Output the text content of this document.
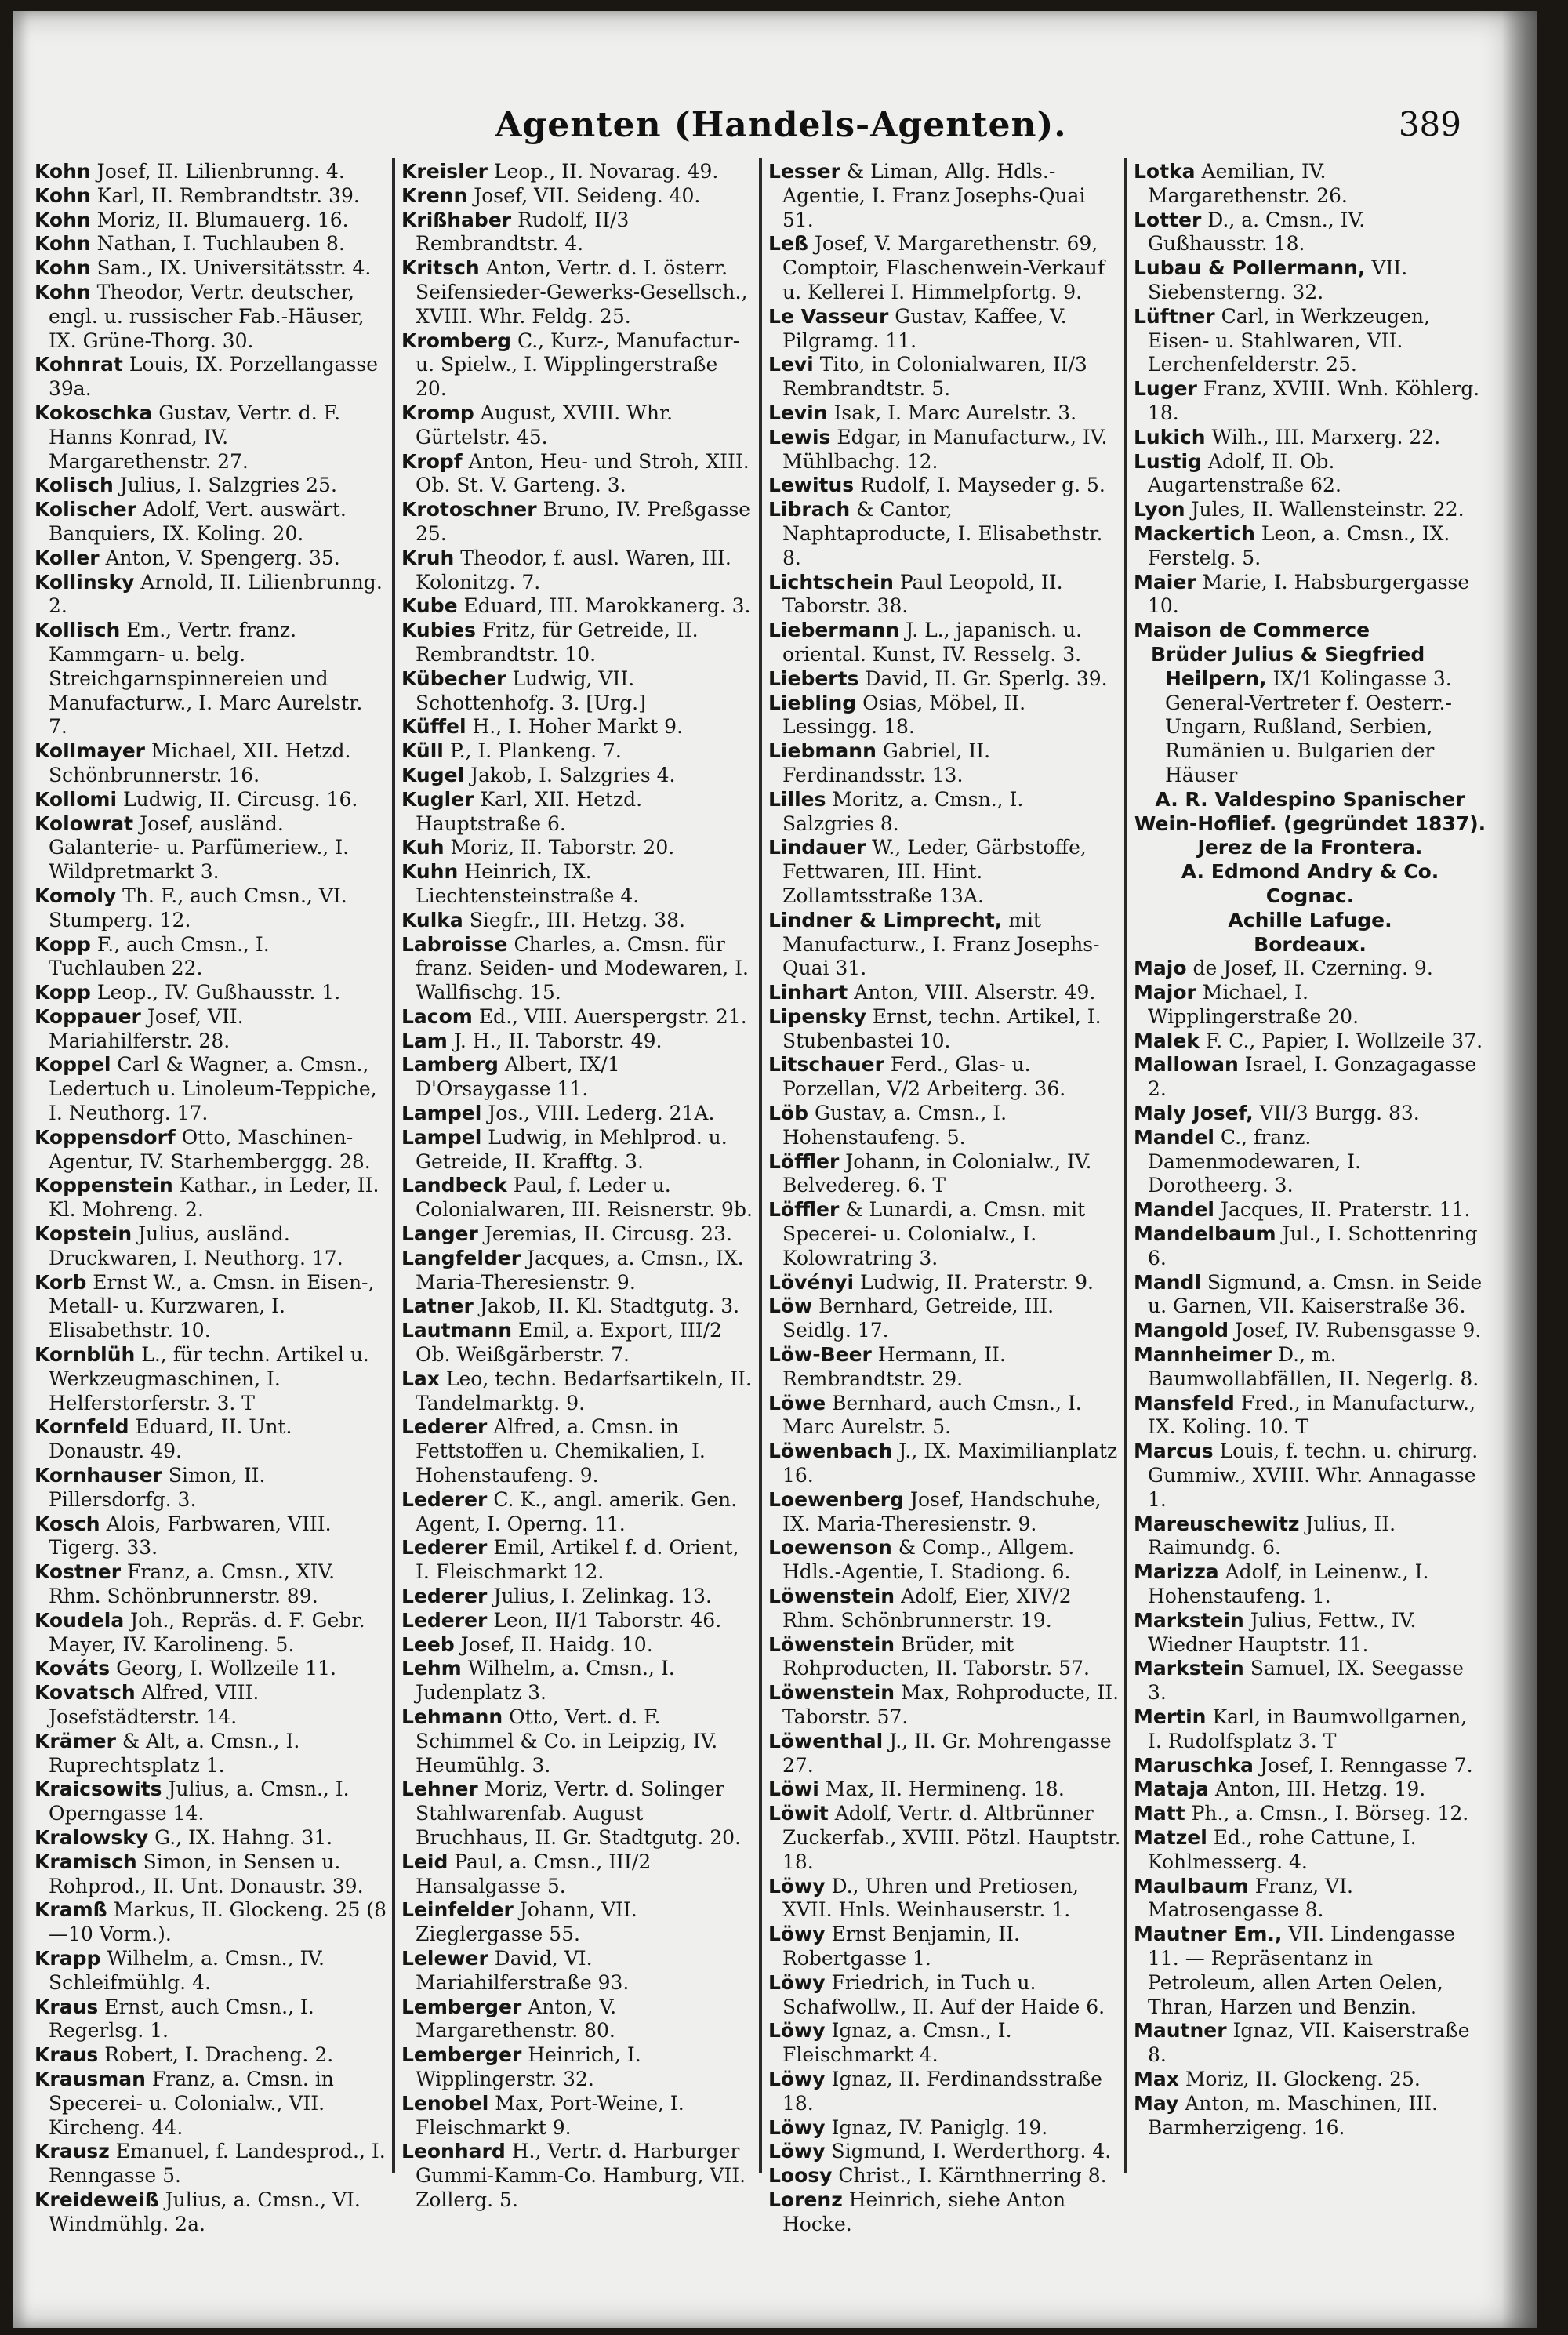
Agenten (Handels-Agenten).	389

Kohn Josef, II. Lilienbrunng. 4.

Kohn Karl, II. Rembrandtstr. 39.

Kohn Moriz, II. Blumauerg. 16.

Kohn Nathan, I. Tuchlauben 8.

Kohn Sam., IX. Universitätsstr. 4.

Kohn Theodor, Vertr. deutscher, engl. u. russischer Fab.-Häuser, IX. Grüne-Thorg. 30.

Kohnrat Louis, IX. Porzellangasse 39a.

Kokoschka Gustav, Vertr. d. F. Hanns Konrad, IV. Margarethenstr. 27.

Kolisch Julius, I. Salzgries 25.

Kolischer Adolf, Vert. auswärt. Banquiers, IX. Koling. 20.

Koller Anton, V. Spengerg. 35.

Kollinsky Arnold, II. Lilienbrunng. 2.

Kollisch Em., Vertr. franz. Kammgarn- u. belg. Streichgarnspinnereien und Manufacturw., I. Marc Aurelstr. 7.

Kollmayer Michael, XII. Hetzd. Schönbrunnerstr. 16.

Kollomi Ludwig, II. Circusg. 16.

Kolowrat Josef, ausländ. Galanterie- u. Parfümeriew., I. Wildpretmarkt 3.

Komoly Th. F., auch Cmsn., VI. Stumperg. 12.

Kopp F., auch Cmsn., I. Tuchlauben 22.

Kopp Leop., IV. Gußhausstr. 1.

Koppauer Josef, VII. Mariahilferstr. 28.

Koppel Carl & Wagner, a. Cmsn., Ledertuch u. Linoleum-Teppiche, I. Neuthorg. 17.

Koppensdorf Otto, Maschinen-Agentur, IV. Starhemberggg. 28.

Koppenstein Kathar., in Leder, II. Kl. Mohreng. 2.

Kopstein Julius, ausländ. Druckwaren, I. Neuthorg. 17.

Korb Ernst W., a. Cmsn. in Eisen-, Metall- u. Kurzwaren, I. Elisabethstr. 10.

Kornblüh L., für techn. Artikel u. Werkzeugmaschinen, I. Helferstorferstr. 3. T

Kornfeld Eduard, II. Unt. Donaustr. 49.

Kornhauser Simon, II. Pillersdorfg. 3.

Kosch Alois, Farbwaren, VIII. Tigerg. 33.

Kostner Franz, a. Cmsn., XIV. Rhm. Schönbrunnerstr. 89.

Koudela Joh., Repräs. d. F. Gebr. Mayer, IV. Karolineng. 5.

Kováts Georg, I. Wollzeile 11.

Kovatsch Alfred, VIII. Josefstädterstr. 14.

Krämer & Alt, a. Cmsn., I. Ruprechtsplatz 1.

Kraicsowits Julius, a. Cmsn., I. Operngasse 14.

Kralowsky G., IX. Hahng. 31.

Kramisch Simon, in Sensen u. Rohprod., II. Unt. Donaustr. 39.

Kramß Markus, II. Glockeng. 25 (8—10 Vorm.).

Krapp Wilhelm, a. Cmsn., IV. Schleifmühlg. 4.

Kraus Ernst, auch Cmsn., I. Regerlsg. 1.

Kraus Robert, I. Dracheng. 2.

Krausman Franz, a. Cmsn. in Specerei- u. Colonialw., VII. Kircheng. 44.

Krausz Emanuel, f. Landesprod., I. Renngasse 5.

Kreideweiß Julius, a. Cmsn., VI. Windmühlg. 2a.

Kreisler Leop., II. Novarag. 49.

Krenn Josef, VII. Seideng. 40.

Krißhaber Rudolf, II/3 Rembrandtstr. 4.

Kritsch Anton, Vertr. d. I. österr. Seifensieder-Gewerks-Gesellsch., XVIII. Whr. Feldg. 25.

Kromberg C., Kurz-, Manufactur- u. Spielw., I. Wipplingerstraße 20.

Kromp August, XVIII. Whr. Gürtelstr. 45.

Kropf Anton, Heu- und Stroh, XIII. Ob. St. V. Garteng. 3.

Krotoschner Bruno, IV. Preßgasse 25.

Kruh Theodor, f. ausl. Waren, III. Kolonitzg. 7.

Kube Eduard, III. Marokkanerg. 3.

Kubies Fritz, für Getreide, II. Rembrandtstr. 10.

Kübecher Ludwig, VII. Schottenhofg. 3. [Urg.]

Küffel H., I. Hoher Markt 9.

Küll P., I. Plankeng. 7.

Kugel Jakob, I. Salzgries 4.

Kugler Karl, XII. Hetzd. Hauptstraße 6.

Kuh Moriz, II. Taborstr. 20.

Kuhn Heinrich, IX. Liechtensteinstraße 4.

Kulka Siegfr., III. Hetzg. 38.

Labroisse Charles, a. Cmsn. für franz. Seiden- und Modewaren, I. Wallfischg. 15.

Lacom Ed., VIII. Auerspergstr. 21.

Lam J. H., II. Taborstr. 49.

Lamberg Albert, IX/1 D'Orsaygasse 11.

Lampel Jos., VIII. Lederg. 21A.

Lampel Ludwig, in Mehlprod. u. Getreide, II. Krafftg. 3.

Landbeck Paul, f. Leder u. Colonialwaren, III. Reisnerstr. 9b.

Langer Jeremias, II. Circusg. 23.

Langfelder Jacques, a. Cmsn., IX. Maria-Theresienstr. 9.

Latner Jakob, II. Kl. Stadtgutg. 3.

Lautmann Emil, a. Export, III/2 Ob. Weißgärberstr. 7.

Lax Leo, techn. Bedarfsartikeln, II. Tandelmarktg. 9.

Lederer Alfred, a. Cmsn. in Fettstoffen u. Chemikalien, I. Hohenstaufeng. 9.

Lederer C. K., angl. amerik. Gen. Agent, I. Operng. 11.

Lederer Emil, Artikel f. d. Orient, I. Fleischmarkt 12.

Lederer Julius, I. Zelinkag. 13.

Lederer Leon, II/1 Taborstr. 46.

Leeb Josef, II. Haidg. 10.

Lehm Wilhelm, a. Cmsn., I. Judenplatz 3.

Lehmann Otto, Vert. d. F. Schimmel & Co. in Leipzig, IV. Heumühlg. 3.

Lehner Moriz, Vertr. d. Solinger Stahlwarenfab. August Bruchhaus, II. Gr. Stadtgutg. 20.

Leid Paul, a. Cmsn., III/2 Hansalgasse 5.

Leinfelder Johann, VII. Zieglergasse 55.

Lelewer David, VI. Mariahilferstraße 93.

Lemberger Anton, V. Margarethenstr. 80.

Lemberger Heinrich, I. Wipplingerstr. 32.

Lenobel Max, Port-Weine, I. Fleischmarkt 9.

Leonhard H., Vertr. d. Harburger Gummi-Kamm-Co. Hamburg, VII. Zollerg. 5.

Lesser & Liman, Allg. Hdls.-Agentie, I. Franz Josephs-Quai 51.

Leß Josef, V. Margarethenstr. 69, Comptoir, Flaschenwein-Verkauf u. Kellerei I. Himmelpfortg. 9.

Le Vasseur Gustav, Kaffee, V. Pilgramg. 11.

Levi Tito, in Colonialwaren, II/3 Rembrandtstr. 5.

Levin Isak, I. Marc Aurelstr. 3.

Lewis Edgar, in Manufacturw., IV. Mühlbachg. 12.

Lewitus Rudolf, I. Mayseder g. 5.

Librach & Cantor, Naphtaproducte, I. Elisabethstr. 8.

Lichtschein Paul Leopold, II. Taborstr. 38.

Liebermann J. L., japanisch. u. oriental. Kunst, IV. Resselg. 3.

Lieberts David, II. Gr. Sperlg. 39.

Liebling Osias, Möbel, II. Lessingg. 18.

Liebmann Gabriel, II. Ferdinandsstr. 13.

Lilles Moritz, a. Cmsn., I. Salzgries 8.

Lindauer W., Leder, Gärbstoffe, Fettwaren, III. Hint. Zollamtsstraße 13A.

Lindner & Limprecht, mit Manufacturw., I. Franz Josephs-Quai 31.

Linhart Anton, VIII. Alserstr. 49.

Lipensky Ernst, techn. Artikel, I. Stubenbastei 10.

Litschauer Ferd., Glas- u. Porzellan, V/2 Arbeiterg. 36.

Löb Gustav, a. Cmsn., I. Hohenstaufeng. 5.

Löffler Johann, in Colonialw., IV. Belvedereg. 6. T

Löffler & Lunardi, a. Cmsn. mit Specerei- u. Colonialw., I. Kolowratring 3.

Lövényi Ludwig, II. Praterstr. 9.

Löw Bernhard, Getreide, III. Seidlg. 17.

Löw-Beer Hermann, II. Rembrandtstr. 29.

Löwe Bernhard, auch Cmsn., I. Marc Aurelstr. 5.

Löwenbach J., IX. Maximilianplatz 16.

Loewenberg Josef, Handschuhe, IX. Maria-Theresienstr. 9.

Loewenson & Comp., Allgem. Hdls.-Agentie, I. Stadiong. 6.

Löwenstein Adolf, Eier, XIV/2 Rhm. Schönbrunnerstr. 19.

Löwenstein Brüder, mit Rohproducten, II. Taborstr. 57.

Löwenstein Max, Rohproducte, II. Taborstr. 57.

Löwenthal J., II. Gr. Mohrengasse 27.

Löwi Max, II. Hermineng. 18.

Löwit Adolf, Vertr. d. Altbrünner Zuckerfab., XVIII. Pötzl. Hauptstr. 18.

Löwy D., Uhren und Pretiosen, XVII. Hnls. Weinhauserstr. 1.

Löwy Ernst Benjamin, II. Robertgasse 1.

Löwy Friedrich, in Tuch u. Schafwollw., II. Auf der Haide 6.

Löwy Ignaz, a. Cmsn., I. Fleischmarkt 4.

Löwy Ignaz, II. Ferdinandsstraße 18.

Löwy Ignaz, IV. Paniglg. 19.

Löwy Sigmund, I. Werderthorg. 4.

Loosy Christ., I. Kärnthnerring 8.

Lorenz Heinrich, siehe Anton Hocke.

Lotka Aemilian, IV. Margarethenstr. 26.

Lotter D., a. Cmsn., IV. Gußhausstr. 18.

Lubau & Pollermann, VII. Siebensterng. 32.

Lüftner Carl, in Werkzeugen, Eisen- u. Stahlwaren, VII. Lerchenfelderstr. 25.

Luger Franz, XVIII. Wnh. Köhlerg. 18.

Lukich Wilh., III. Marxerg. 22.

Lustig Adolf, II. Ob. Augartenstraße 62.

Lyon Jules, II. Wallensteinstr. 22.

Mackertich Leon, a. Cmsn., IX. Ferstelg. 5.

Maier Marie, I. Habsburgergasse 10.

Maison de Commerce

Brüder Julius & Siegfried Heilpern, IX/1 Kolingasse 3. General-Vertreter f. Oesterr.-Ungarn, Rußland, Serbien, Rumänien u. Bulgarien der Häuser

A. R. Valdespino Spanischer Wein-Hoflief. (gegründet 1837).

Jerez de la Frontera.

A. Edmond Andry & Co.

Cognac.

Achille Lafuge.

Bordeaux.

Majo de Josef, II. Czerning. 9.

Major Michael, I. Wipplingerstraße 20.

Malek F. C., Papier, I. Wollzeile 37.

Mallowan Israel, I. Gonzagagasse 2.

Maly Josef, VII/3 Burgg. 83.

Mandel C., franz. Damenmodewaren, I. Dorotheerg. 3.

Mandel Jacques, II. Praterstr. 11.

Mandelbaum Jul., I. Schottenring 6.

Mandl Sigmund, a. Cmsn. in Seide u. Garnen, VII. Kaiserstraße 36.

Mangold Josef, IV. Rubensgasse 9.

Mannheimer D., m. Baumwollabfällen, II. Negerlg. 8.

Mansfeld Fred., in Manufacturw., IX. Koling. 10. T

Marcus Louis, f. techn. u. chirurg. Gummiw., XVIII. Whr. Annagasse 1.

Mareuschewitz Julius, II. Raimundg. 6.

Marizza Adolf, in Leinenw., I. Hohenstaufeng. 1.

Markstein Julius, Fettw., IV. Wiedner Hauptstr. 11.

Markstein Samuel, IX. Seegasse 3.

Mertin Karl, in Baumwollgarnen, I. Rudolfsplatz 3. T

Maruschka Josef, I. Renngasse 7.

Mataja Anton, III. Hetzg. 19.

Matt Ph., a. Cmsn., I. Börseg. 12.

Matzel Ed., rohe Cattune, I. Kohlmesserg. 4.

Maulbaum Franz, VI. Matrosengasse 8.

Mautner Em., VII. Lindengasse 11. — Repräsentanz in Petroleum, allen Arten Oelen, Thran, Harzen und Benzin.

Mautner Ignaz, VII. Kaiserstraße 8.

Max Moriz, II. Glockeng. 25.

May Anton, m. Maschinen, III. Barmherzigeng. 16.
